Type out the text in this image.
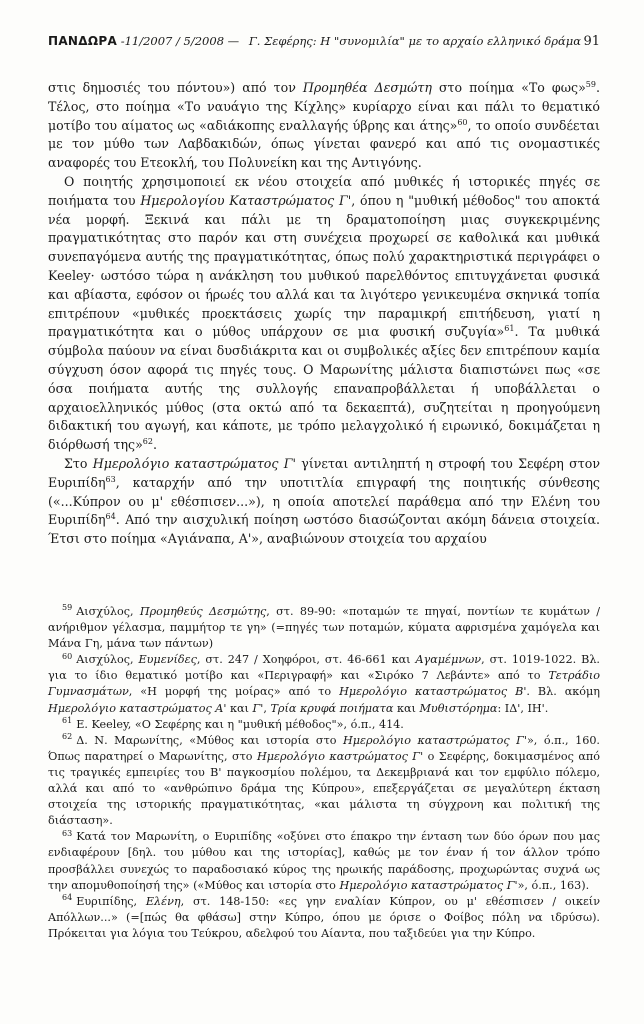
ΠΑΝΔΩΡΑ -11/2007 / 5/2008 — Γ. Σεφέρης: Η "συνομιλία" με το αρχαίο ελληνικό δράμα 91

στις δημοσιές του πόντου») από τον Προμηθέα Δεσμώτη στο ποίημα «Το φως»$^{59}$. Τέλος, στο ποίημα «Το ναυάγιο της Κίχλης» κυρίαρχο είναι και πάλι το θεματικό μοτίβο του αίματος ως «αδιάκοπης εναλλαγής ύβρης και άτης»$^{60}$, το οποίο συνδέεται με τον μύθο των Λαβδακιδών, όπως γίνεται φανερό και από τις ονομαστικές αναφορές του Ετεοκλή, του Πολυνείκη και της Αντιγόνης.

Ο ποιητής χρησιμοποιεί εκ νέου στοιχεία από μυθικές ή ιστορικές πηγές σε ποιήματα του Ημερολογίου Καταστρώματος Γ', όπου η "μυθική μέθοδος" του αποκτά νέα μορφή. Ξεκινά και πάλι με τη δραματοποίηση μιας συγκεκριμένης πραγματικότητας στο παρόν και στη συνέχεια προχωρεί σε καθολικά και μυθικά συνεπαγόμενα αυτής της πραγματικότητας, όπως πολύ χαρακτηριστικά περιγράφει ο Keeley· ωστόσο τώρα η ανάκληση του μυθικού παρελθόντος επιτυγχάνεται φυσικά και αβίαστα, εφόσον οι ήρωές του αλλά και τα λιγότερο γενικευμένα σκηνικά τοπία επιτρέπουν «μυθικές προεκτάσεις χωρίς την παραμικρή επιτήδευση, γιατί η πραγματικότητα και ο μύθος υπάρχουν σε μια φυσική συζυγία»$^{61}$. Τα μυθικά σύμβολα παύουν να είναι δυσδιάκριτα και οι συμβολικές αξίες δεν επιτρέπουν καμία σύγχυση όσον αφορά τις πηγές τους. Ο Μαρωνίτης μάλιστα διαπιστώνει πως «σε όσα ποιήματα αυτής της συλλογής επαναπροβάλλεται ή υποβάλλεται ο αρχαιοελληνικός μύθος (στα οκτώ από τα δεκαεπτά), συζητείται η προηγούμενη διδακτική του αγωγή, και κάποτε, με τρόπο μελαγχολικό ή ειρωνικό, δοκιμάζεται η διόρθωσή της»$^{62}$.

Στο Ημερολόγιο καταστρώματος Γ' γίνεται αντιληπτή η στροφή του Σεφέρη στον Ευριπίδη$^{63}$, καταρχήν από την υποτιτλία επιγραφή της ποιητικής σύνθεσης («...Κύπρον ου μ' εθέσπισεν...»), η οποία αποτελεί παράθεμα από την Ελένη του Ευριπίδη$^{64}$. Από την αισχυλική ποίηση ωστόσο διασώζονται ακόμη δάνεια στοιχεία. Έτσι στο ποίημα «Αγιάναπα, Α'», αναβιώνουν στοιχεία του αρχαίου

$^{59}$ Αισχύλος, Προμηθεύς Δεσμώτης, στ. 89-90: «ποταμών τε πηγαί, ποντίων τε κυμάτων / ανήριθμον γέλασμα, παμμήτορ τε γη» (=πηγές των ποταμών, κύματα αφρισμένα χαμόγελα και Μάνα Γη, μάνα των πάντων)

$^{60}$ Αισχύλος, Ευμενίδες, στ. 247 / Χοηφόροι, στ. 46-661 και Αγαμέμνων, στ. 1019-1022. Βλ. για το ίδιο θεματικό μοτίβο και «Περιγραφή» και «Σιρόκο 7 Λεβάντε» από το Τετράδιο Γυμνασμάτων, «Η μορφή της μοίρας» από το Ημερολόγιο καταστρώματος Β'. Βλ. ακόμη Ημερολόγιο καταστρώματος Α' και Γ', Τρία κρυφά ποιήματα και Μυθιστόρημα: ΙΔ', ΙΗ'.

$^{61}$ E. Keeley, «Ο Σεφέρης και η "μυθική μέθοδος"», ό.π., 414.

$^{62}$ Δ. Ν. Μαρωνίτης, «Μύθος και ιστορία στο Ημερολόγιο καταστρώματος Γ'», ό.π., 160. Όπως παρατηρεί ο Μαρωνίτης, στο Ημερολόγιο καστρώματος Γ' ο Σεφέρης, δοκιμασμένος από τις τραγικές εμπειρίες του Β' παγκοσμίου πολέμου, τα Δεκεμβριανά και τον εμφύλιο πόλεμο, αλλά και από το «ανθρώπινο δράμα της Κύπρου», επεξεργάζεται σε μεγαλύτερη έκταση στοιχεία της ιστορικής πραγματικότητας, «και μάλιστα τη σύγχρονη και πολιτική της διάσταση».

$^{63}$ Κατά τον Μαρωνίτη, ο Ευριπίδης «οξύνει στο έπακρο την ένταση των δύο όρων που μας ενδιαφέρουν [δηλ. του μύθου και της ιστορίας], καθώς με τον έναν ή τον άλλον τρόπο προσβάλλει συνεχώς το παραδοσιακό κύρος της ηρωικής παράδοσης, προχωρώντας συχνά ως την απομυθοποίησή της» («Μύθος και ιστορία στο Ημερολόγιο καταστρώματος Γ'», ό.π., 163).

$^{64}$ Ευριπίδης, Ελένη, στ. 148-150: «ες γην εναλίαν Κύπρον, ου μ' εθέσπισεν / οικείν Απόλλων...» (=[πώς θα φθάσω] στην Κύπρο, όπου με όρισε ο Φοίβος πόλη να ιδρύσω). Πρόκειται για λόγια του Τεύκρου, αδελφού του Αίαντα, που ταξιδεύει για την Κύπρο.
